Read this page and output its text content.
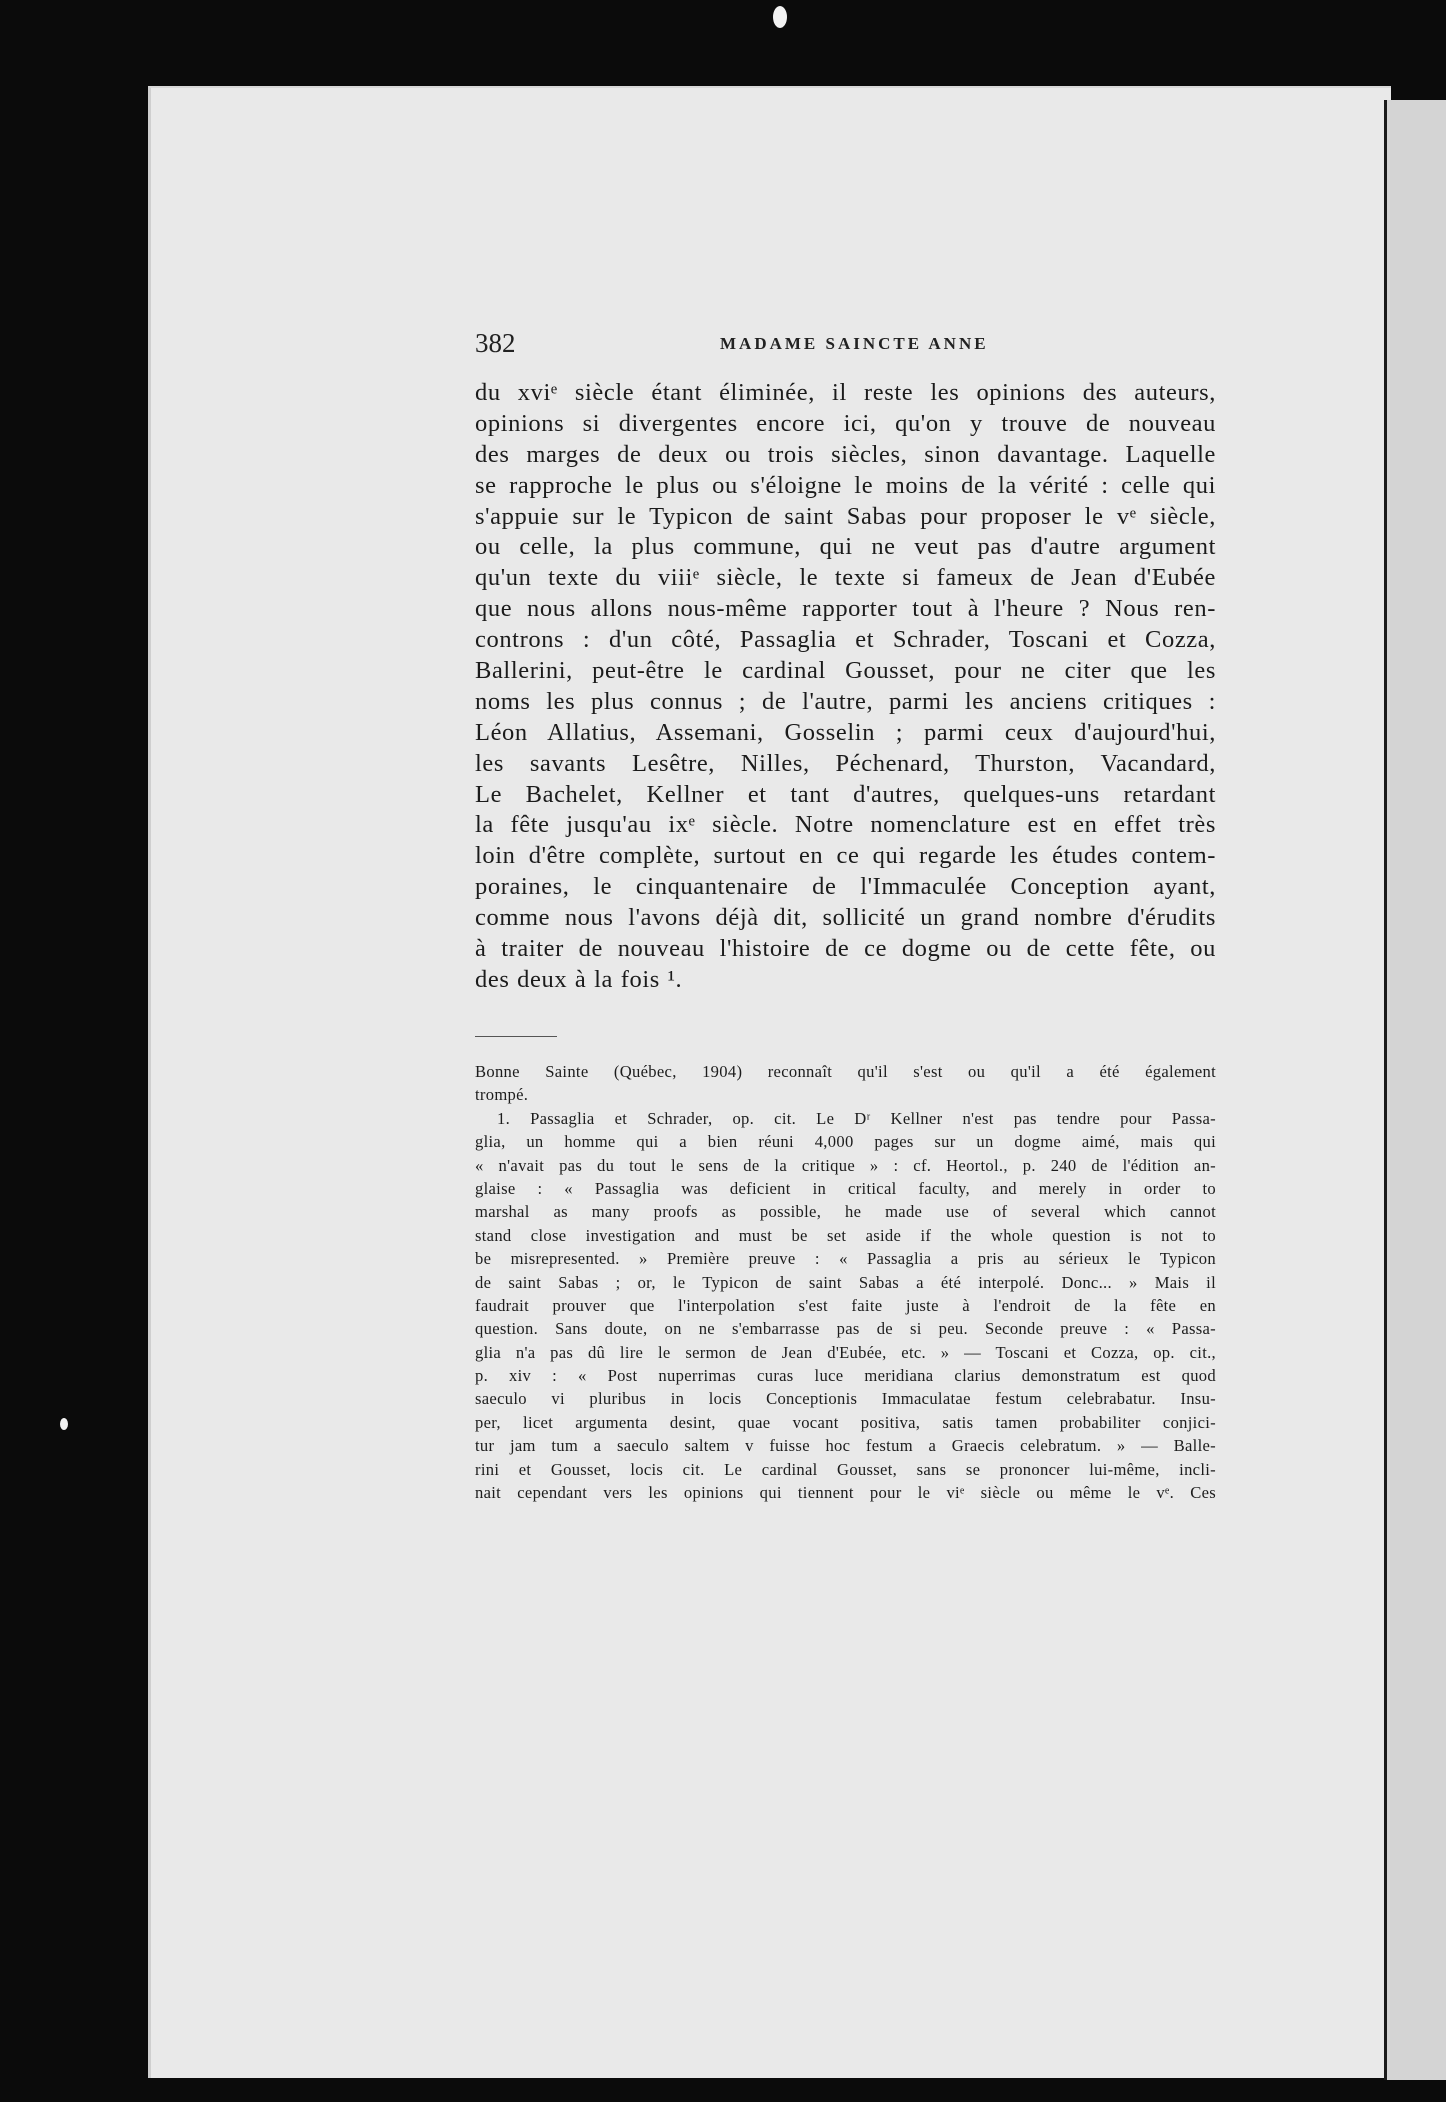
382	MADAME SAINCTE ANNE
du xviᵉ siècle étant éliminée, il reste les opinions des auteurs,
opinions si divergentes encore ici, qu'on y trouve de nouveau
des marges de deux ou trois siècles, sinon davantage. Laquelle
se rapproche le plus ou s'éloigne le moins de la vérité : celle qui
s'appuie sur le Typicon de saint Sabas pour proposer le vᵉ siècle,
ou celle, la plus commune, qui ne veut pas d'autre argument
qu'un texte du viiiᵉ siècle, le texte si fameux de Jean d'Eubée
que nous allons nous-même rapporter tout à l'heure ? Nous ren-
controns : d'un côté, Passaglia et Schrader, Toscani et Cozza,
Ballerini, peut-être le cardinal Gousset, pour ne citer que les
noms les plus connus ; de l'autre, parmi les anciens critiques :
Léon Allatius, Assemani, Gosselin ; parmi ceux d'aujourd'hui,
les savants Lesêtre, Nilles, Péchenard, Thurston, Vacandard,
Le Bachelet, Kellner et tant d'autres, quelques-uns retardant
la fête jusqu'au ixᵉ siècle. Notre nomenclature est en effet très
loin d'être complète, surtout en ce qui regarde les études contem-
poraines, le cinquantenaire de l'Immaculée Conception ayant,
comme nous l'avons déjà dit, sollicité un grand nombre d'érudits
à traiter de nouveau l'histoire de ce dogme ou de cette fête, ou
des deux à la fois ¹.
Bonne Sainte (Québec, 1904) reconnaît qu'il s'est ou qu'il a été également
trompé.
1. Passaglia et Schrader, op. cit. Le Dʳ Kellner n'est pas tendre pour Passa-
glia, un homme qui a bien réuni 4,000 pages sur un dogme aimé, mais qui
« n'avait pas du tout le sens de la critique » : cf. Heortol., p. 240 de l'édition an-
glaise : « Passaglia was deficient in critical faculty, and merely in order to
marshal as many proofs as possible, he made use of several which cannot
stand close investigation and must be set aside if the whole question is not to
be misrepresented. » Première preuve : « Passaglia a pris au sérieux le Typicon
de saint Sabas ; or, le Typicon de saint Sabas a été interpolé. Donc... » Mais il
faudrait prouver que l'interpolation s'est faite juste à l'endroit de la fête en
question. Sans doute, on ne s'embarrasse pas de si peu. Seconde preuve : « Passa-
glia n'a pas dû lire le sermon de Jean d'Eubée, etc. » — Toscani et Cozza, op. cit.,
p. xiv : « Post nuperrimas curas luce meridiana clarius demonstratum est quod
saeculo vi pluribus in locis Conceptionis Immaculatae festum celebrabatur. Insu-
per, licet argumenta desint, quae vocant positiva, satis tamen probabiliter conjici-
tur jam tum a saeculo saltem v fuisse hoc festum a Graecis celebratum. » — Balle-
rini et Gousset, locis cit. Le cardinal Gousset, sans se prononcer lui-même, incli-
nait cependant vers les opinions qui tiennent pour le viᵉ siècle ou même le vᵉ. Ces
